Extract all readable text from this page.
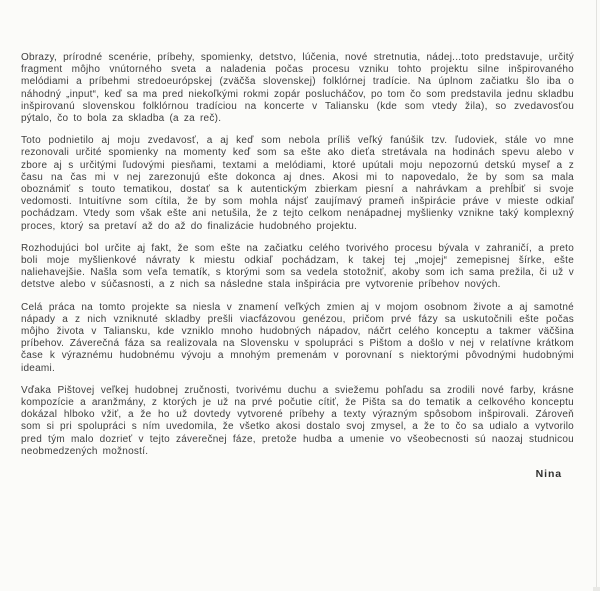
Obrazy, prírodné scenérie, príbehy, spomienky, detstvo, lúčenia, nové stretnutia, nádej...toto predstavuje, určitý fragment môjho vnútorného sveta a naladenia počas procesu vzniku tohto projektu silne inšpirovaného melódiami a príbehmi stredoeurópskej (zväčša slovenskej) folklórnej tradície. Na úplnom začiatku šlo iba o náhodný „input“, keď sa ma pred niekoľkými rokmi zopár poslucháčov, po tom čo som predstavila jednu skladbu inšpirovanú slovenskou folklórnou tradíciou na koncerte v Taliansku (kde som vtedy žila), so zvedavosťou pýtalo, čo to bola za skladba (a za reč).

Toto podnietilo aj moju zvedavosť, a aj keď som nebola príliš veľký fanúšik tzv. ľudoviek, stále vo mne rezonovali určité spomienky na momenty keď som sa ešte ako dieťa stretávala na hodinách spevu alebo v zbore aj s určitými ľudovými piesňami, textami a melódiami, ktoré upútali moju nepozornú detskú myseľ a z času na čas mi v nej zarezonujú ešte dokonca aj dnes. Akosi mi to napovedalo, že by som sa mala oboznámiť s touto tematikou, dostať sa k autentickým zbierkam piesní a nahrávkam a prehĺbiť si svoje vedomosti. Intuitívne som cítila, že by som mohla nájsť zaujímavý prameň inšpirácie práve v mieste odkiaľ pochádzam. Vtedy som však ešte ani netušila, že z tejto celkom nenápadnej myšlienky vznikne taký komplexný proces, ktorý sa pretaví až do až do finalizácie hudobného projektu.

Rozhodujúci bol určite aj fakt, že som ešte na začiatku celého tvorivého procesu bývala v zahraničí, a preto boli moje myšlienkové návraty k miestu odkiaľ pochádzam, k takej tej „mojej“ zemepisnej šírke, ešte naliehavejšie. Našla som veľa tematík, s ktorými som sa vedela stotožniť, akoby som ich sama prežila, či už v detstve alebo v súčasnosti, a z nich sa následne stala inšpirácia pre vytvorenie príbehov nových.

Celá práca na tomto projekte sa niesla v znamení veľkých zmien aj v mojom osobnom živote a aj samotné nápady a z nich vzniknuté skladby prešli viacfázovou genézou, pričom prvé fázy sa uskutočnili ešte počas môjho života v Taliansku, kde vzniklo mnoho hudobných nápadov, náčrt celého konceptu a takmer väčšina príbehov. Záverečná fáza sa realizovala na Slovensku v spolupráci s Pištom a došlo v nej v relatívne krátkom čase k výraznému hudobnému vývoju a mnohým premenám v porovnaní s niektorými pôvodnými hudobnými ideami.

Vďaka Pištovej veľkej hudobnej zručnosti, tvorivému duchu a sviežemu pohľadu sa zrodili nové farby, krásne kompozície a aranžmány, z ktorých je už na prvé počutie cítiť, že Pišta sa do tematik a celkového konceptu dokázal hlboko vžiť, a že ho už dovtedy vytvorené príbehy a texty výrazným spôsobom inšpirovali. Zároveň som si pri spolupráci s ním uvedomila, že všetko akosi dostalo svoj zmysel, a že to čo sa udialo a vytvorilo pred tým malo dozrieť v tejto záverečnej fáze, pretože hudba a umenie vo všeobecnosti sú naozaj studnicou neobmedzených možností.

Nina
